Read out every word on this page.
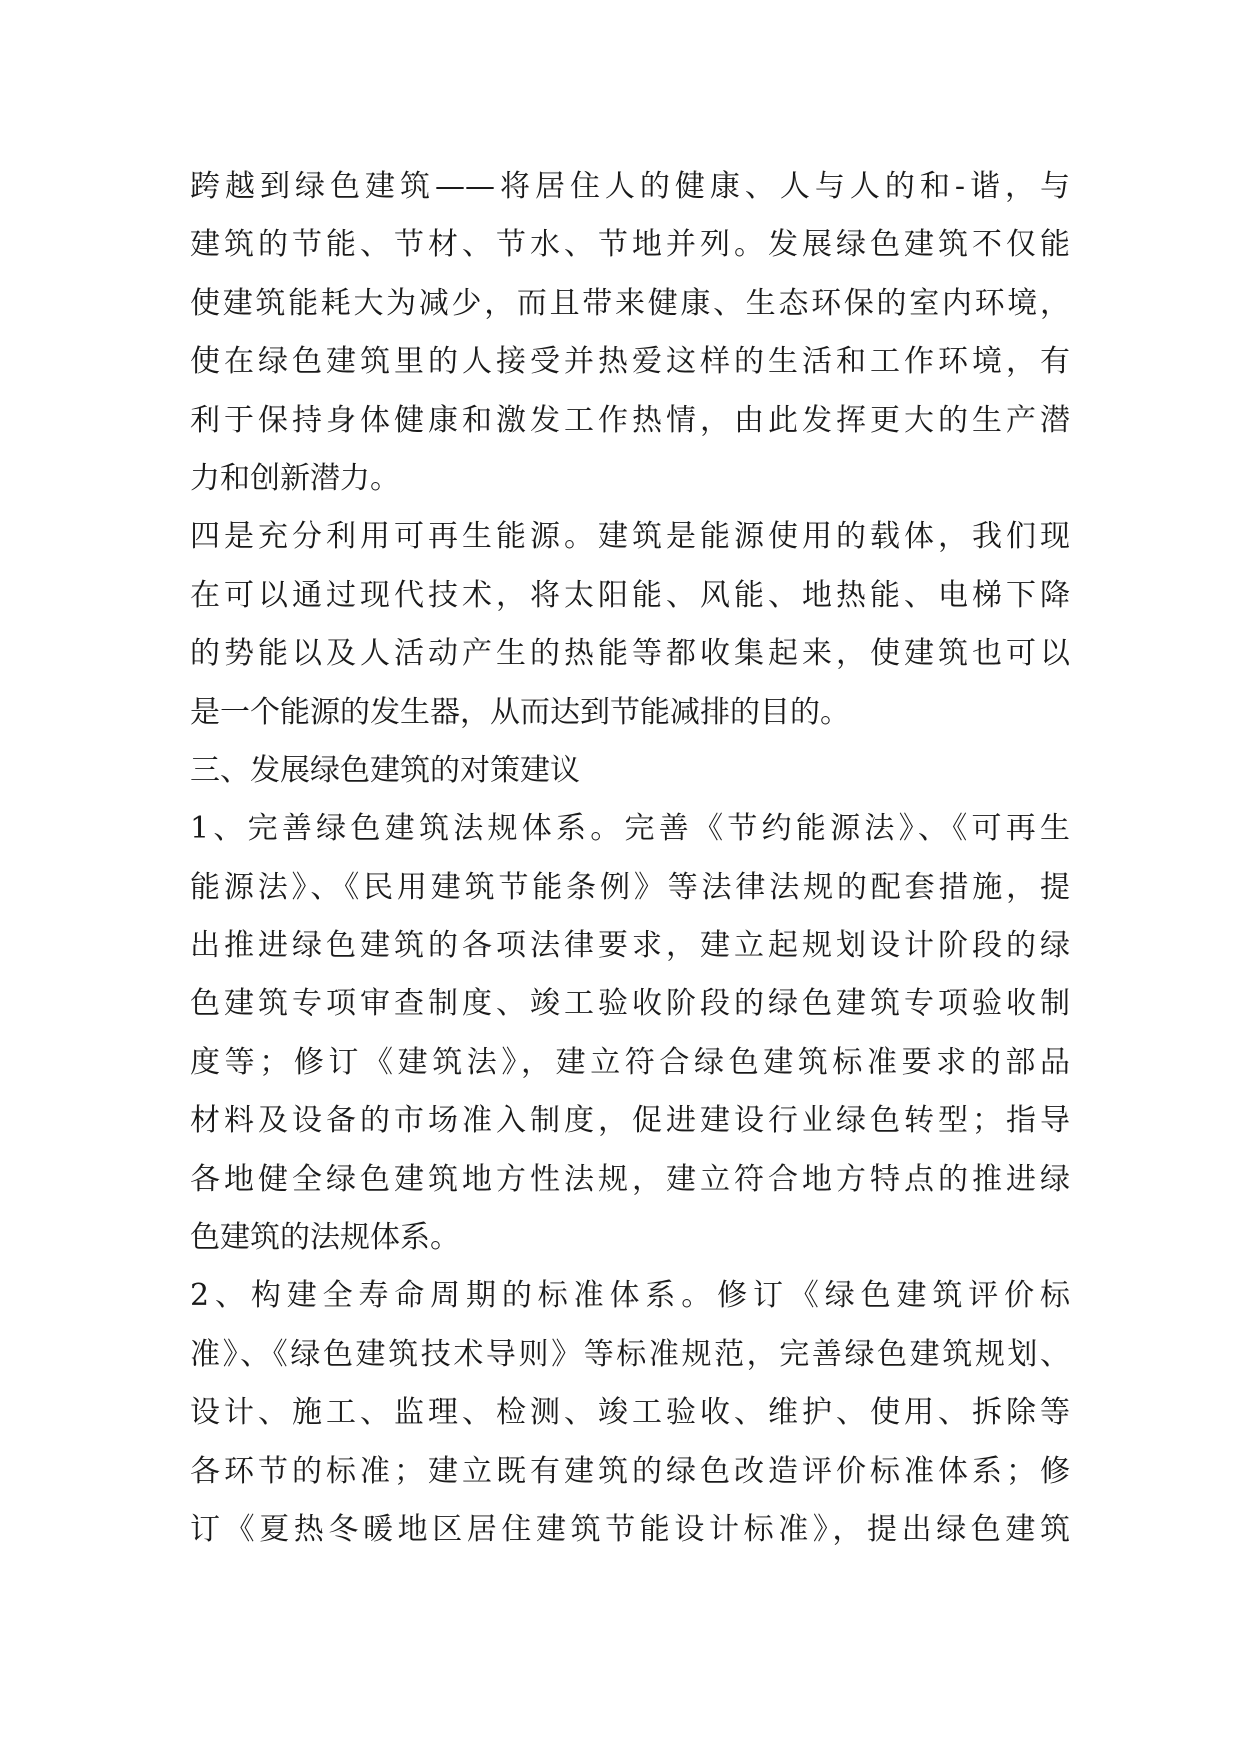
跨越到绿色建筑——将居住人的健康、人与人的和-谐，与
建筑的节能、节材、节水、节地并列。发展绿色建筑不仅能
使建筑能耗大为减少，而且带来健康、生态环保的室内环境，
使在绿色建筑里的人接受并热爱这样的生活和工作环境，有
利于保持身体健康和激发工作热情，由此发挥更大的生产潜
力和创新潜力。
四是充分利用可再生能源。建筑是能源使用的载体，我们现
在可以通过现代技术，将太阳能、风能、地热能、电梯下降
的势能以及人活动产生的热能等都收集起来，使建筑也可以
是一个能源的发生器，从而达到节能减排的目的。
三、发展绿色建筑的对策建议
1、完善绿色建筑法规体系。完善《节约能源法》、《可再生
能源法》、《民用建筑节能条例》等法律法规的配套措施，提
出推进绿色建筑的各项法律要求，建立起规划设计阶段的绿
色建筑专项审查制度、竣工验收阶段的绿色建筑专项验收制
度等；修订《建筑法》，建立符合绿色建筑标准要求的部品
材料及设备的市场准入制度，促进建设行业绿色转型；指导
各地健全绿色建筑地方性法规，建立符合地方特点的推进绿
色建筑的法规体系。
2、构建全寿命周期的标准体系。修订《绿色建筑评价标
准》、《绿色建筑技术导则》等标准规范，完善绿色建筑规划、
设计、施工、监理、检测、竣工验收、维护、使用、拆除等
各环节的标准；建立既有建筑的绿色改造评价标准体系；修
订《夏热冬暖地区居住建筑节能设计标准》，提出绿色建筑
